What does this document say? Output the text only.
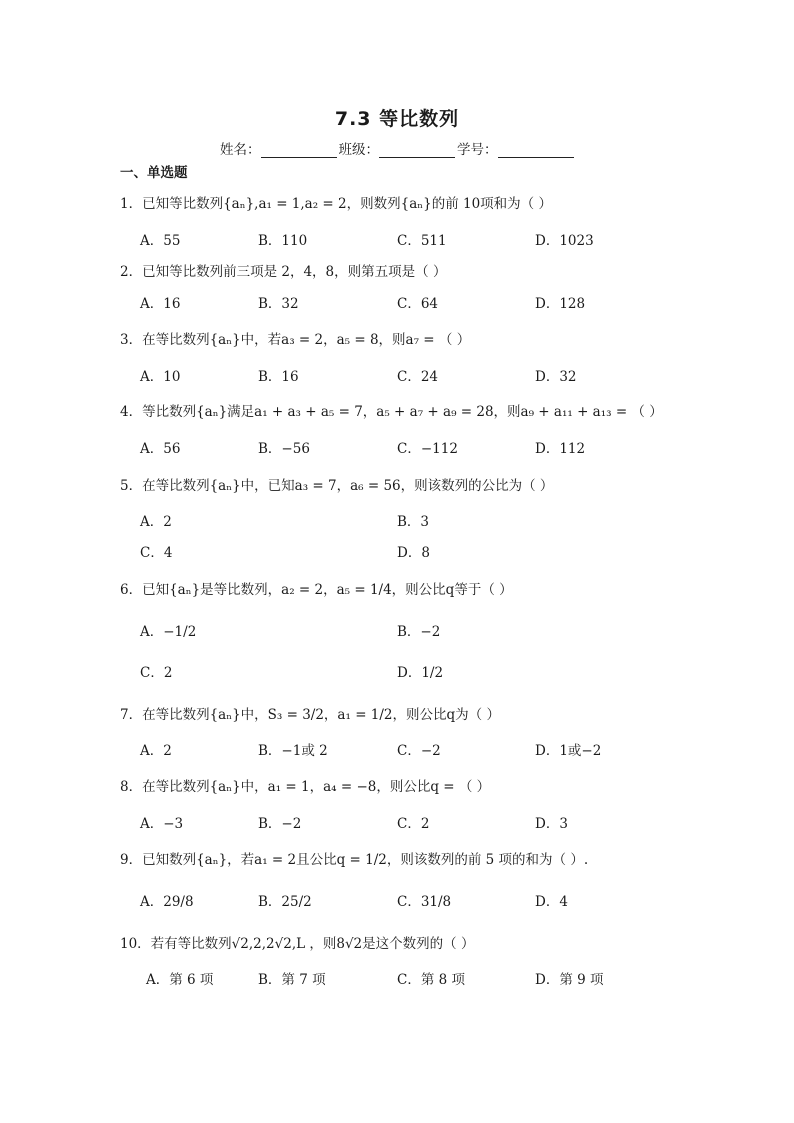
7.3 等比数列
姓名：	班级：	学号：
一、单选题
1．已知等比数列{aₙ},a₁ = 1,a₂ = 2，则数列{aₙ}的前 10项和为（ ）
A．55	B．110	C．511	D．1023
2．已知等比数列前三项是 2，4，8，则第五项是（ ）
A．16	B．32	C．64	D．128
3．在等比数列{aₙ}中，若a₃ = 2，a₅ = 8，则a₇ = （ ）
A．10	B．16	C．24	D．32
4．等比数列{aₙ}满足a₁ + a₃ + a₅ = 7，a₅ + a₇ + a₉ = 28，则a₉ + a₁₁ + a₁₃ = （ ）
A．56	B．−56	C．−112	D．112
5．在等比数列{aₙ}中，已知a₃ = 7，a₆ = 56，则该数列的公比为（ ）
A．2	B．3
C．4	D．8
6．已知{aₙ}是等比数列，a₂ = 2，a₅ = 1/4，则公比q等于（ ）
A．−1/2	B．−2
C．2	D．1/2
7．在等比数列{aₙ}中，S₃ = 3/2，a₁ = 1/2，则公比q为（ ）
A．2	B．−1或 2	C．−2	D．1或−2
8．在等比数列{aₙ}中，a₁ = 1，a₄ = −8，则公比q = （ ）
A．−3	B．−2	C．2	D．3
9．已知数列{aₙ}，若a₁ = 2且公比q = 1/2，则该数列的前 5 项的和为（ ）.
A．29/8	B．25/2	C．31/8	D．4
10．若有等比数列√2,2,2√2,L ，则8√2是这个数列的（ ）
A．第 6 项	B．第 7 项	C．第 8 项	D．第 9 项
